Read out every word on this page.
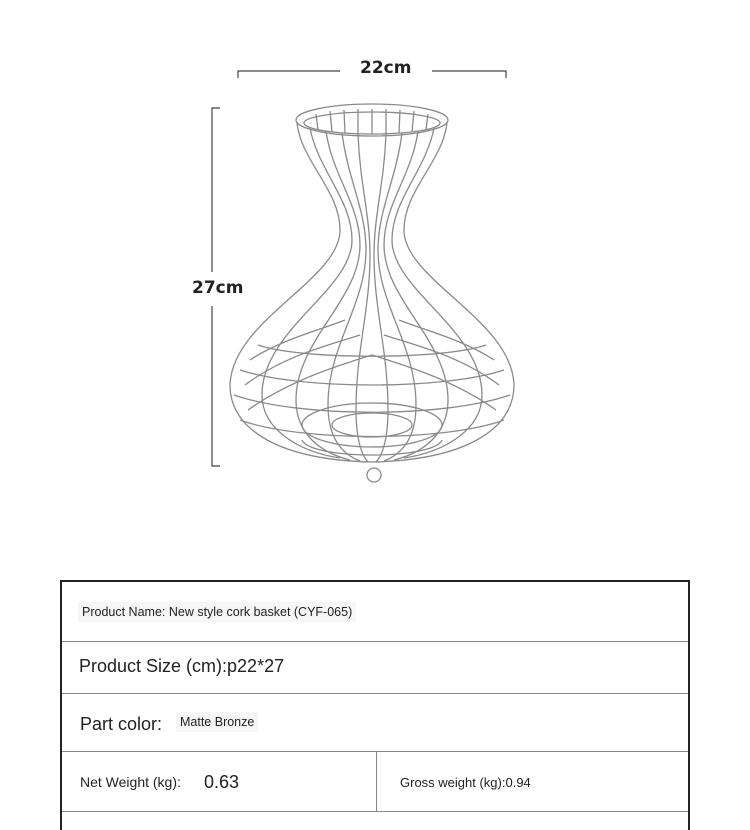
22cm
27cm
Product Name: New style cork basket (CYF-065)
Product Size (cm):p22*27
Part color:	Matte Bronze
Net Weight (kg): 0.63	Gross weight (kg):0.94
